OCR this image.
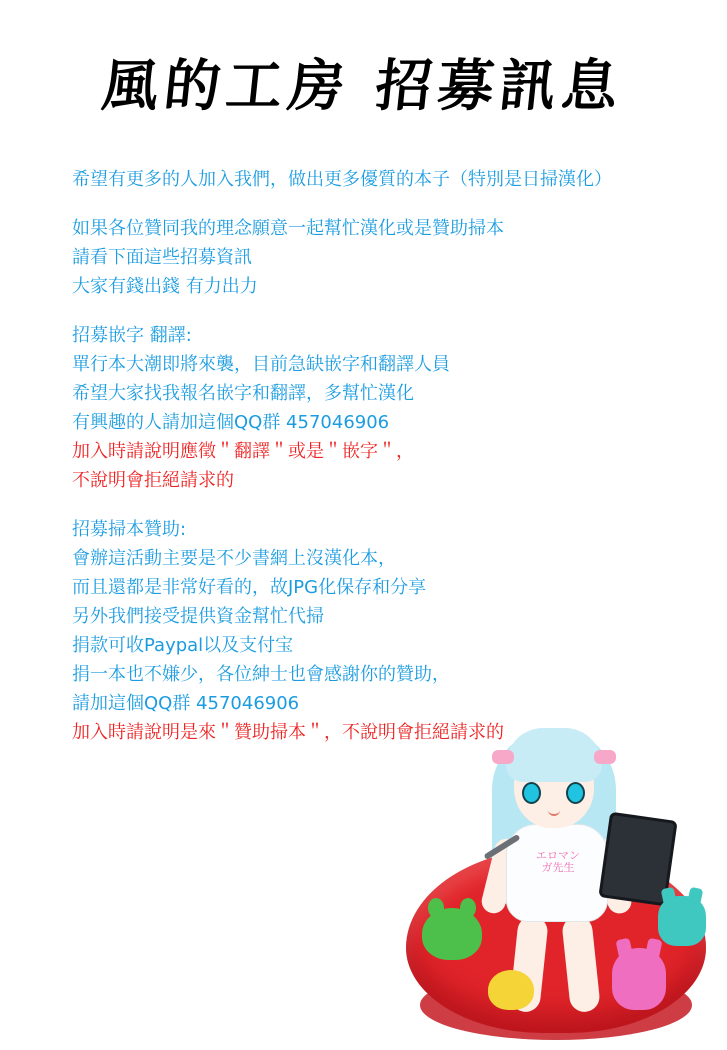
風的工房 招募訊息

希望有更多的人加入我們，做出更多優質的本子（特別是日掃漢化）

如果各位贊同我的理念願意一起幫忙漢化或是贊助掃本
請看下面這些招募資訊
大家有錢出錢 有力出力

招募嵌字 翻譯:
單行本大潮即將來襲，目前急缺嵌字和翻譯人員
希望大家找我報名嵌字和翻譯，多幫忙漢化
有興趣的人請加這個QQ群 457046906
加入時請說明應徵＂翻譯＂或是＂嵌字＂，
不說明會拒絕請求的

招募掃本贊助:
會辦這活動主要是不少書網上沒漢化本，
而且還都是非常好看的，故JPG化保存和分享
另外我們接受提供資金幫忙代掃
捐款可收Paypal以及支付宝
捐一本也不嫌少，各位紳士也會感謝你的贊助，
請加這個QQ群 457046906
加入時請說明是來＂贊助掃本＂，不說明會拒絕請求的

エロマンガ先生
